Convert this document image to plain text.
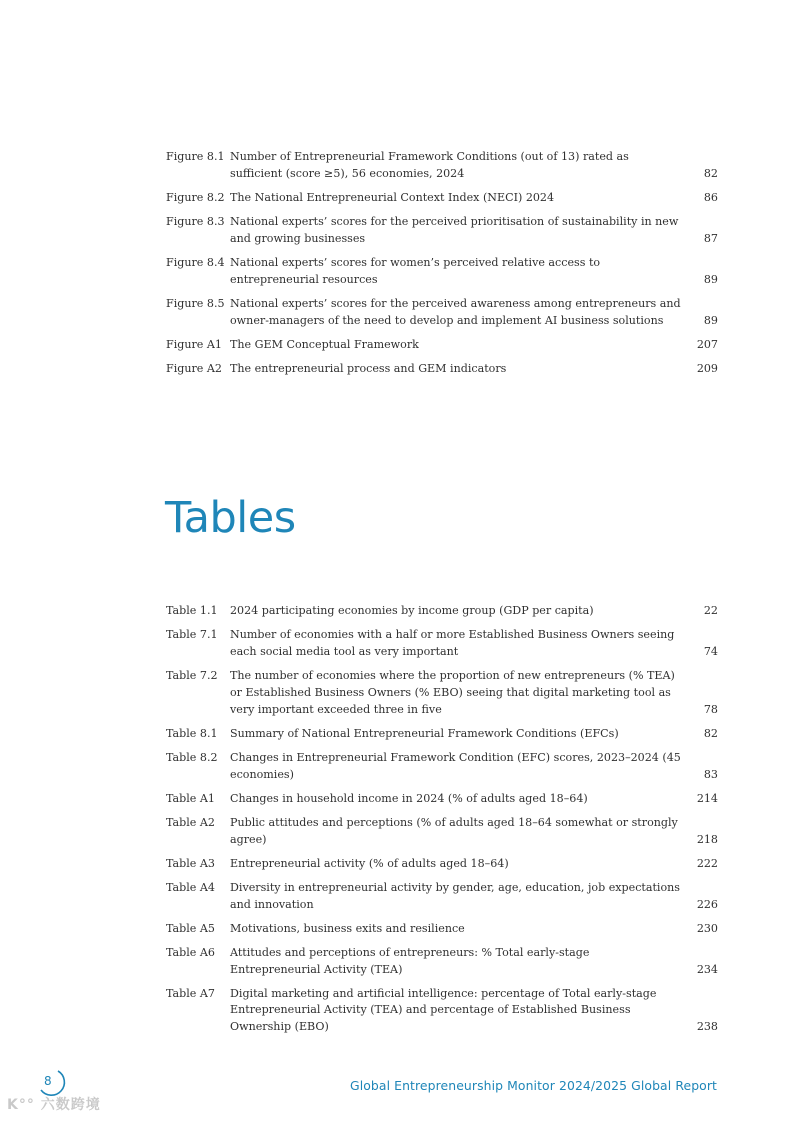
Figure 8.1 Number of Entrepreneurial Framework Conditions (out of 13) rated as sufficient (score ≥5), 56 economies, 2024	82
Figure 8.2 The National Entrepreneurial Context Index (NECI) 2024	86
Figure 8.3 National experts’ scores for the perceived prioritisation of sustainability in new and growing businesses	87
Figure 8.4 National experts’ scores for women’s perceived relative access to entrepreneurial resources	89
Figure 8.5 National experts’ scores for the perceived awareness among entrepreneurs and owner-managers of the need to develop and implement AI business solutions	89
Figure A1 The GEM Conceptual Framework	207
Figure A2 The entrepreneurial process and GEM indicators	209
Tables
Table 1.1	2024 participating economies by income group (GDP per capita)	22
Table 7.1	Number of economies with a half or more Established Business Owners seeing each social media tool as very important	74
Table 7.2	The number of economies where the proportion of new entrepreneurs (% TEA) or Established Business Owners (% EBO) seeing that digital marketing tool as very important exceeded three in five	78
Table 8.1	Summary of National Entrepreneurial Framework Conditions (EFCs)	82
Table 8.2	Changes in Entrepreneurial Framework Condition (EFC) scores, 2023–2024 (45 economies)	83
Table A1	Changes in household income in 2024 (% of adults aged 18–64)	214
Table A2	Public attitudes and perceptions (% of adults aged 18–64 somewhat or strongly agree)	218
Table A3	Entrepreneurial activity (% of adults aged 18–64)	222
Table A4	Diversity in entrepreneurial activity by gender, age, education, job expectations and innovation	226
Table A5	Motivations, business exits and resilience	230
Table A6	Attitudes and perceptions of entrepreneurs: % Total early-stage Entrepreneurial Activity (TEA)	234
Table A7	Digital marketing and artificial intelligence: percentage of Total early-stage Entrepreneurial Activity (TEA) and percentage of Established Business Ownership (EBO)	238
8	Global Entrepreneurship Monitor 2024/2025 Global Report
K°° 六数跨境
